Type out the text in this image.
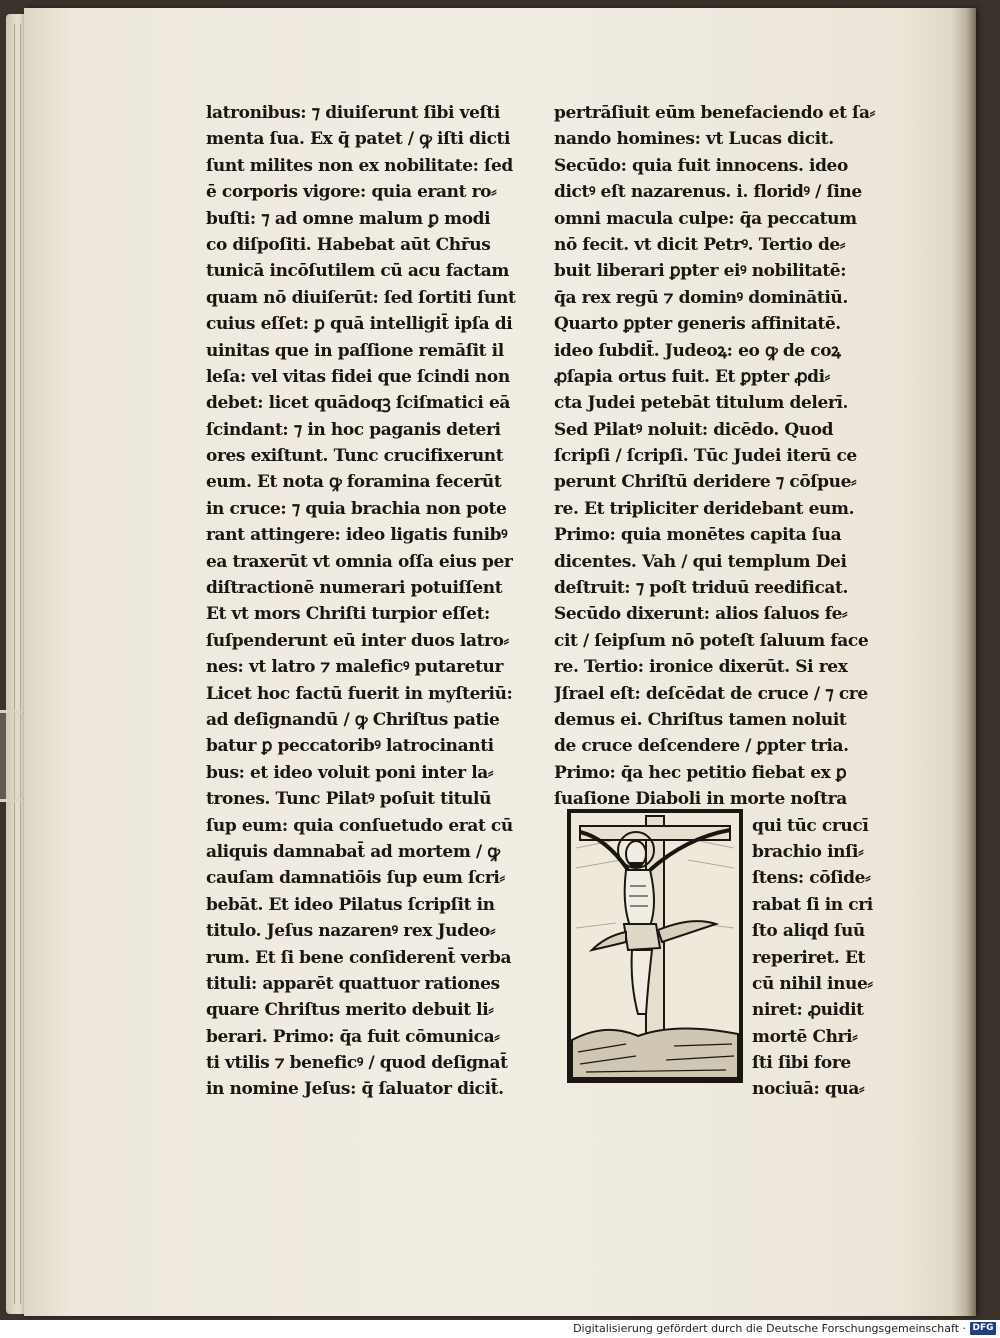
latronibus: ⁊ diuiſerunt ſibi veſti
menta ſua. Ex q̄ patet / ꝙ iſti dicti
ſunt milites non ex nobilitate: ſed
ē corporis vigore: quia erant ro⸗
buſti: ⁊ ad omne malum ꝑ modi
co diſpoſiti. Habebat aūt Chr̄us
tunicā incōſutilem cū acu factam
quam nō diuiſerūt: ſed ſortiti ſunt
cuius eſſet: ꝑ quā intelligit̄ ipſa di
uinitas que in paſſione remāſit il
leſa: vel vitas fidei que ſcindi non
debet: licet quādoqꝫ ſciſmatici eā
ſcindant: ⁊ in hoc paganis deteri
ores exiſtunt. Tunc crucifixerunt
eum. Et nota ꝙ foramina fecerūt
in cruce: ⁊ quia brachia non pote
rant attingere: ideo ligatis funibꝰ
ea traxerūt vt omnia oſſa eius per
diſtractionē numerari potuiſſent
Et vt mors Chriſti turpior eſſet:
ſuſpenderunt eū inter duos latro⸗
nes: vt latro ⁊ maleficꝰ putaretur
Licet hoc factū fuerit in myſteriū:
ad deſignandū / ꝙ Chriſtus patie
batur ꝑ peccatoribꝰ latrocinanti
bus: et ideo voluit poni inter la⸗
trones. Tunc Pilatꝰ poſuit titulū
ſup eum: quia conſuetudo erat cū
aliquis damnabat̄ ad mortem / ꝙ
cauſam damnatiōis ſup eum ſcri⸗
bebāt. Et ideo Pilatus ſcripſit in
titulo. Jeſus nazarenꝰ rex Judeo⸗
rum. Et ſi bene conſiderent̄ verba
tituli: apparēt quattuor rationes
quare Chriſtus merito debuit li⸗
berari. Primo: q̄a fuit cōmunica⸗
ti vtilis ⁊ beneficꝰ / quod deſignat̄
in nomine Jeſus: q̄ ſaluator dicit̄.
pertrāſiuit eūm benefaciendo et ſa⸗
nando homines: vt Lucas dicit.
Secūdo: quia fuit innocens. ideo
dictꝰ eſt nazarenus. i. floridꝰ / ſine
omni macula culpe: q̄a peccatum
nō fecit. vt dicit Petrꝰ. Tertio de⸗
buit liberari ꝑpter eiꝰ nobilitatē:
q̄a rex regū ⁊ dominꝰ dominātiū.
Quarto ꝑpter generis affinitatē.
ideo ſubdit̄. Judeoꝝ: eo ꝙ de coꝝ
ꝓſapia ortus fuit. Et ꝑpter ꝓdi⸗
cta Judei petebāt titulum delerī.
Sed Pilatꝰ noluit: dicēdo. Quod
ſcripſi / ſcripſi. Tūc Judei iterū ce
perunt Chriſtū deridere ⁊ cōſpue⸗
re. Et tripliciter deridebant eum.
Primo: quia monētes capita ſua
dicentes. Vah / qui templum Dei
deſtruit: ⁊ poſt triduū reedificat.
Secūdo dixerunt: alios ſaluos fe⸗
cit / ſeipſum nō poteſt ſaluum face
re. Tertio: ironice dixerūt. Si rex
Jſrael eſt: deſcēdat de cruce / ⁊ cre
demus ei. Chriſtus tamen noluit
de cruce deſcendere / ꝑpter tria.
Primo: q̄a hec petitio fiebat ex ꝑ
ſuaſione Diaboli in morte noſtra
qui tūc crucī
brachio inſi⸗
ſtens: cōſide⸗
rabat ſi in cri
ſto aliqd ſuū
reperiret. Et
cū nihil inue⸗
niret: ꝓuidit
mortē Chri⸗
ſti ſibi fore
nociuā: qua⸗
Digitalisierung gefördert durch die Deutsche Forschungsgemeinschaft · DFG
